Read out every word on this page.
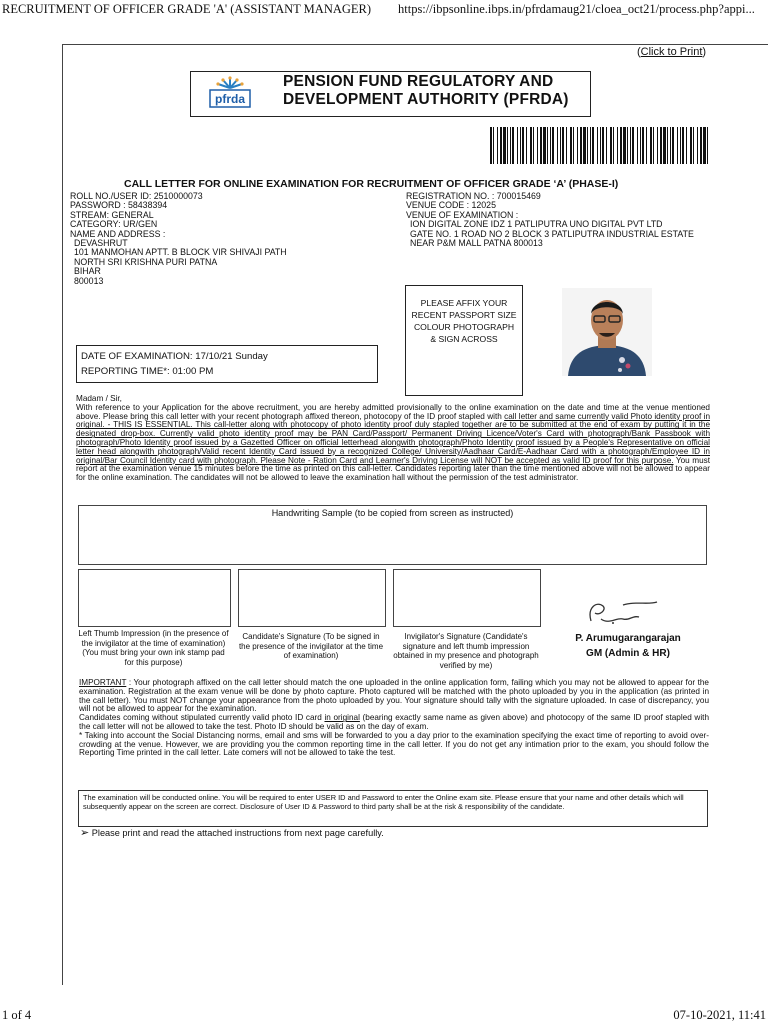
RECRUITMENT OF OFFICER GRADE 'A' (ASSISTANT MANAGER) https://ibpsonline.ibps.in/pfrdamaug21/cloea_oct21/process.php?appi...
(Click to Print)
pfrda
PENSION FUND REGULATORY AND
DEVELOPMENT AUTHORITY (PFRDA)
CALL LETTER FOR ONLINE EXAMINATION FOR RECRUITMENT OF OFFICER GRADE ‘A’ (PHASE-I)
ROLL NO./USER ID: 2510000073
PASSWORD : 58438394
STREAM: GENERAL
CATEGORY: UR/GEN
NAME AND ADDRESS :
DEVASHRUT
101 MANMOHAN APTT. B BLOCK VIR SHIVAJI PATH
NORTH SRI KRISHNA PURI PATNA
BIHAR
800013
REGISTRATION NO. : 700015469
VENUE CODE : 12025
VENUE OF EXAMINATION :
ION DIGITAL ZONE IDZ 1 PATLIPUTRA UNO DIGITAL PVT LTD
GATE NO. 1 ROAD NO 2 BLOCK 3 PATLIPUTRA INDUSTRIAL ESTATE
NEAR P&M MALL PATNA 800013
DATE OF EXAMINATION: 17/10/21 Sunday
REPORTING TIME*: 01:00 PM
PLEASE AFFIX YOUR RECENT PASSPORT SIZE COLOUR PHOTOGRAPH & SIGN ACROSS
Madam / Sir,
With reference to your Application for the above recruitment, you are hereby admitted provisionally to the online examination on the date and time at the venue mentioned above. Please bring this call letter with your recent photograph affixed thereon, photocopy of the ID proof stapled with call letter and same currently valid Photo identity proof in original. - THIS IS ESSENTIAL. This call-letter along with photocopy of photo identity proof duly stapled together are to be submitted at the end of exam by putting it in the designated drop-box. Currently valid photo identity proof may be PAN Card/Passport/ Permanent Driving Licence/Voter's Card with photograph/Bank Passbook with photograph/Photo Identity proof issued by a Gazetted Officer on official letterhead alongwith photograph/Photo Identity proof issued by a People's Representative on official letter head alongwith photograph/Valid recent Identity Card issued by a recognized College/ University/Aadhaar Card/E-Aadhaar Card with a photograph/Employee ID in original/Bar Council Identity card with photograph. Please Note - Ration Card and Learner's Driving License will NOT be accepted as valid ID proof for this purpose. You must report at the examination venue 15 minutes before the time as printed on this call-letter. Candidates reporting later than the time mentioned above will not be allowed to appear for the online examination. The candidates will not be allowed to leave the examination hall without the permission of the test administrator.
Handwriting Sample (to be copied from screen as instructed)
Left Thumb Impression (in the presence of the invigilator at the time of examination) (You must bring your own ink stamp pad for this purpose)
Candidate's Signature (To be signed in the presence of the invigilator at the time of examination)
Invigilator's Signature (Candidate's signature and left thumb impression obtained in my presence and photograph verified by me)
P. Arumugarangarajan
GM (Admin & HR)
IMPORTANT : Your photograph affixed on the call letter should match the one uploaded in the online application form, failing which you may not be allowed to appear for the examination. Registration at the exam venue will be done by photo capture. Photo captured will be matched with the photo uploaded by you in the application (as printed in the call letter). You must NOT change your appearance from the photo uploaded by you. Your signature should tally with the signature uploaded. In case of discrepancy, you will not be allowed to appear for the examination.
Candidates coming without stipulated currently valid photo ID card in original (bearing exactly same name as given above) and photocopy of the same ID proof stapled with the call letter will not be allowed to take the test. Photo ID should be valid as on the day of exam.
* Taking into account the Social Distancing norms, email and sms will be forwarded to you a day prior to the examination specifying the exact time of reporting to avoid over-crowding at the venue. However, we are providing you the common reporting time in the call letter. If you do not get any intimation prior to the exam, you should follow the Reporting Time printed in the call letter. Late comers will not be allowed to take the test.
The examination will be conducted online. You will be required to enter USER ID and Password to enter the Online exam site. Please ensure that your name and other details which will subsequently appear on the screen are correct. Disclosure of User ID & Password to third party shall be at the risk & responsibility of the candidate.
➢ Please print and read the attached instructions from next page carefully.
1 of 4	07-10-2021, 11:41
